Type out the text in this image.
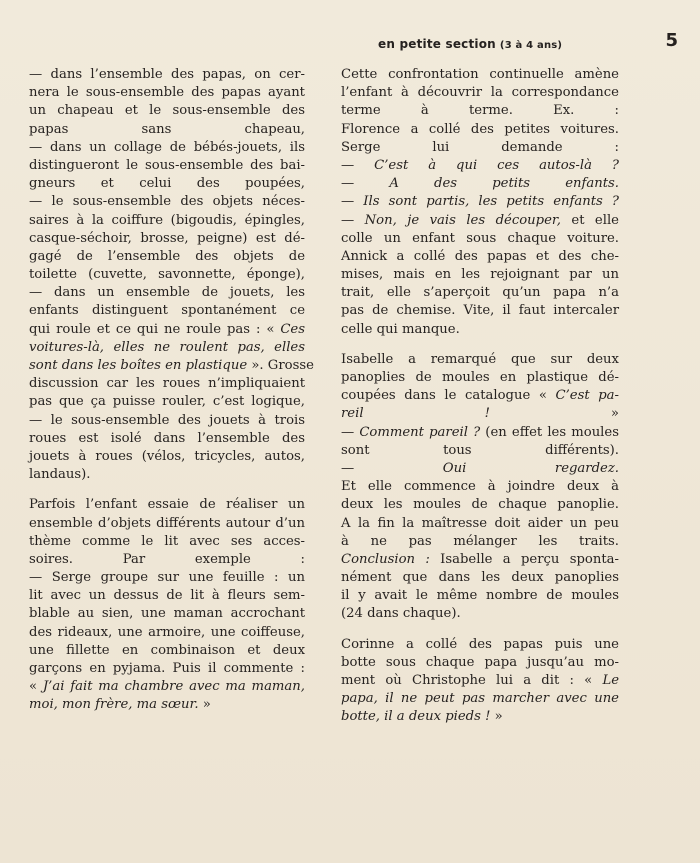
en petite section (3 à 4 ans)	5
— dans l’ensemble des papas, on cer-
nera le sous-ensemble des papas ayant
un chapeau et le sous-ensemble des
papas sans chapeau,
— dans un collage de bébés-jouets, ils
distingueront le sous-ensemble des bai-
gneurs et celui des poupées,
— le sous-ensemble des objets néces-
saires à la coiffure (bigoudis, épingles,
casque-séchoir, brosse, peigne) est dé-
gagé de l’ensemble des objets de
toilette (cuvette, savonnette, éponge),
— dans un ensemble de jouets, les
enfants distinguent spontanément ce
qui roule et ce qui ne roule pas : « Ces
voitures-là, elles ne roulent pas, elles
sont dans les boîtes en plastique ». Grosse
discussion car les roues n’impliquaient
pas que ça puisse rouler, c’est logique,
— le sous-ensemble des jouets à trois
roues est isolé dans l’ensemble des
jouets à roues (vélos, tricycles, autos,
landaus).
Parfois l’enfant essaie de réaliser un
ensemble d’objets différents autour d’un
thème comme le lit avec ses acces-
soires. Par exemple :
— Serge groupe sur une feuille : un
lit avec un dessus de lit à fleurs sem-
blable au sien, une maman accrochant
des rideaux, une armoire, une coiffeuse,
une fillette en combinaison et deux
garçons en pyjama. Puis il commente :
« J’ai fait ma chambre avec ma maman,
moi, mon frère, ma sœur. »
Cette confrontation continuelle amène
l’enfant à découvrir la correspondance
terme à terme. Ex. :
Florence a collé des petites voitures.
Serge lui demande :
— C’est à qui ces autos-là ?
— A des petits enfants.
— Ils sont partis, les petits enfants ?
— Non, je vais les découper, et elle
colle un enfant sous chaque voiture.
Annick a collé des papas et des che-
mises, mais en les rejoignant par un
trait, elle s’aperçoit qu’un papa n’a
pas de chemise. Vite, il faut intercaler
celle qui manque.
Isabelle a remarqué que sur deux
panoplies de moules en plastique dé-
coupées dans le catalogue « C’est pa-
reil ! »
— Comment pareil ? (en effet les moules
sont tous différents).
— Oui regardez.
Et elle commence à joindre deux à
deux les moules de chaque panoplie.
A la fin la maîtresse doit aider un peu
à ne pas mélanger les traits.
Conclusion : Isabelle a perçu sponta-
nément que dans les deux panoplies
il y avait le même nombre de moules
(24 dans chaque).
Corinne a collé des papas puis une
botte sous chaque papa jusqu’au mo-
ment où Christophe lui a dit : « Le
papa, il ne peut pas marcher avec une
botte, il a deux pieds ! »
